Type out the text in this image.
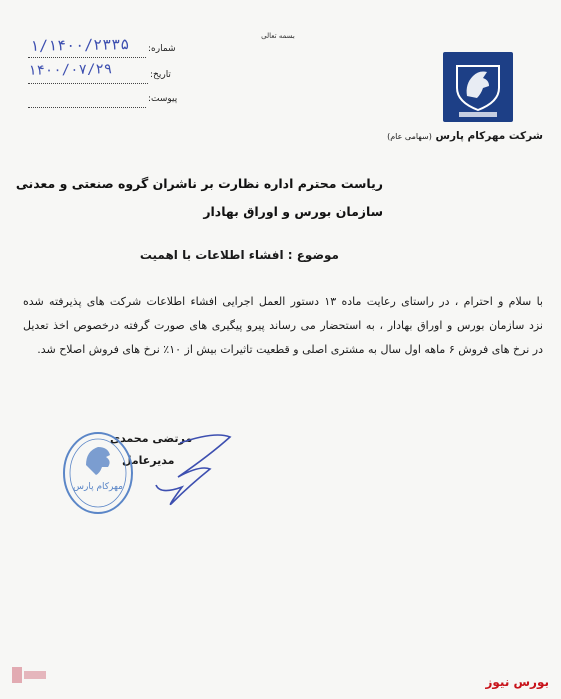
بسمه تعالی
شماره:
۱/۱۴۰۰/۲۳۳۵
تاریخ:
۱۴۰۰/۰۷/۲۹
پیوست:
شرکت مهرکام پارس (سهامی عام)
ریاست محترم اداره نظارت بر ناشران گروه صنعتی و معدنی
سازمان بورس و اوراق بهادار
موضوع : افشاء اطلاعات با اهمیت
با سلام و احترام ، در راستای رعایت ماده ۱۳ دستور العمل اجرایی افشاء اطلاعات شرکت های پذیرفته شده
نزد سازمان بورس و اوراق بهادار ، به استحضار می رساند پیرو پیگیری های صورت گرفته درخصوص اخذ تعدیل
در نرخ های فروش ۶ ماهه اول سال به مشتری اصلی و قطعیت تاثیرات بیش از ۱۰٪ نرخ های فروش اصلاح شد.
مرتضی محمدی
مدیرعامل
مهرکام پارس
بورس نیوز
